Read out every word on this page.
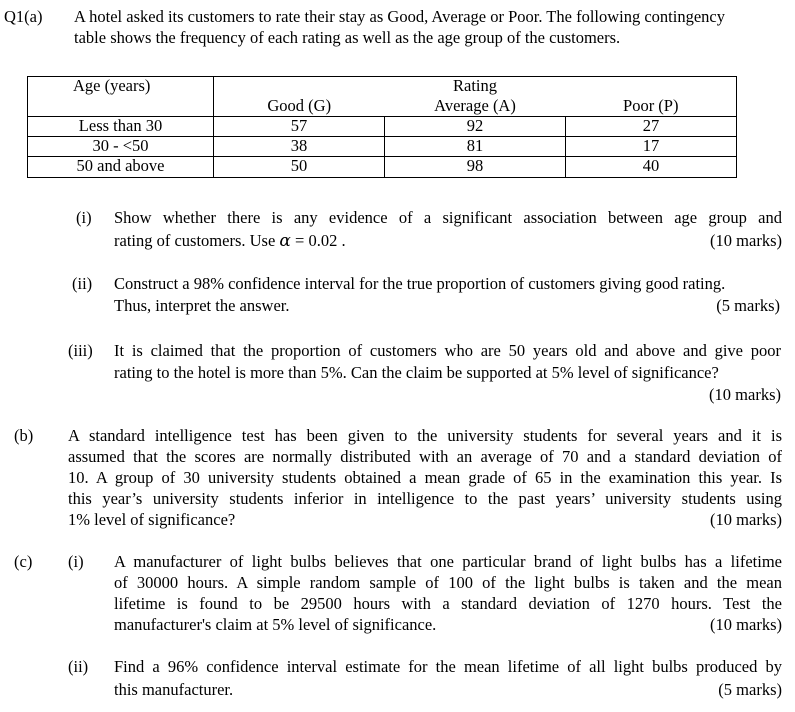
Q1(a) A hotel asked its customers to rate their stay as Good, Average or Poor. The following contingency
table shows the frequency of each rating as well as the age group of the customers.
Age (years)	Rating		
	Good (G)	Average (A)	Poor (P)
Less than 30	57	92	27
30 - <50	38	81	17
50 and above	50	98	40
(i) Show whether there is any evidence of a significant association between age group and
rating of customers. Use α = 0.02 .	(10 marks)
(ii) Construct a 98% confidence interval for the true proportion of customers giving good rating.
Thus, interpret the answer.	(5 marks)
(iii) It is claimed that the proportion of customers who are 50 years old and above and give poor
rating to the hotel is more than 5%. Can the claim be supported at 5% level of significance?
(10 marks)
(b) A standard intelligence test has been given to the university students for several years and it is
assumed that the scores are normally distributed with an average of 70 and a standard deviation of
10. A group of 30 university students obtained a mean grade of 65 in the examination this year. Is
this year’s university students inferior in intelligence to the past years’ university students using
1% level of significance?	(10 marks)
(c) (i) A manufacturer of light bulbs believes that one particular brand of light bulbs has a lifetime
of 30000 hours. A simple random sample of 100 of the light bulbs is taken and the mean
lifetime is found to be 29500 hours with a standard deviation of 1270 hours. Test the
manufacturer's claim at 5% level of significance.	(10 marks)
(ii) Find a 96% confidence interval estimate for the mean lifetime of all light bulbs produced by
this manufacturer.	(5 marks)
